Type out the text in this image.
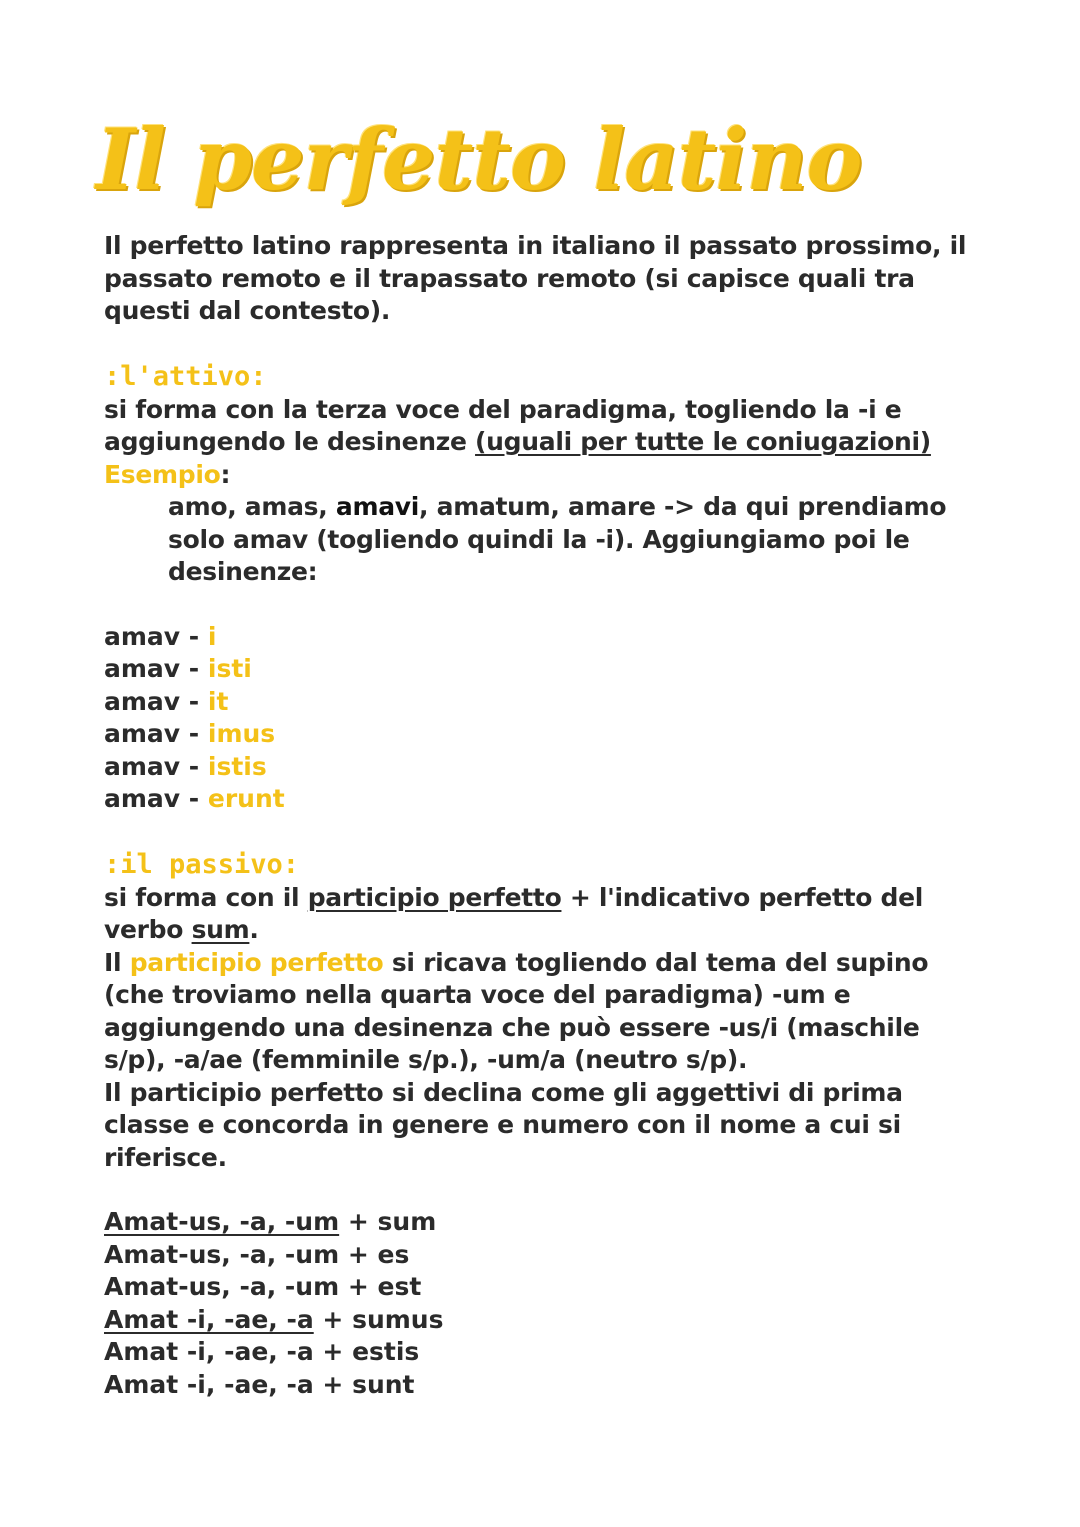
Il perfetto latino

Il perfetto latino rappresenta in italiano il passato prossimo, il passato remoto e il trapassato remoto (si capisce quali tra questi dal contesto).

:l'attivo:

si forma con la terza voce del paradigma, togliendo la -i e aggiungendo le desinenze (uguali per tutte le coniugazioni)

Esempio:

amo, amas, amavi, amatum, amare -> da qui prendiamo solo amav (togliendo quindi la -i). Aggiungiamo poi le desinenze:

amav - i

amav - isti

amav - it

amav - imus

amav - istis

amav - erunt

:il passivo:

si forma con il participio perfetto + l'indicativo perfetto del verbo sum.

Il participio perfetto si ricava togliendo dal tema del supino (che troviamo nella quarta voce del paradigma) -um e aggiungendo una desinenza che può essere -us/i (maschile s/p), -a/ae (femminile s/p.), -um/a (neutro s/p).

Il participio perfetto si declina come gli aggettivi di prima classe e concorda in genere e numero con il nome a cui si riferisce.

Amat-us, -a, -um + sum

Amat-us, -a, -um + es

Amat-us, -a, -um + est

Amat -i, -ae, -a + sumus

Amat -i, -ae, -a + estis

Amat -i, -ae, -a + sunt
